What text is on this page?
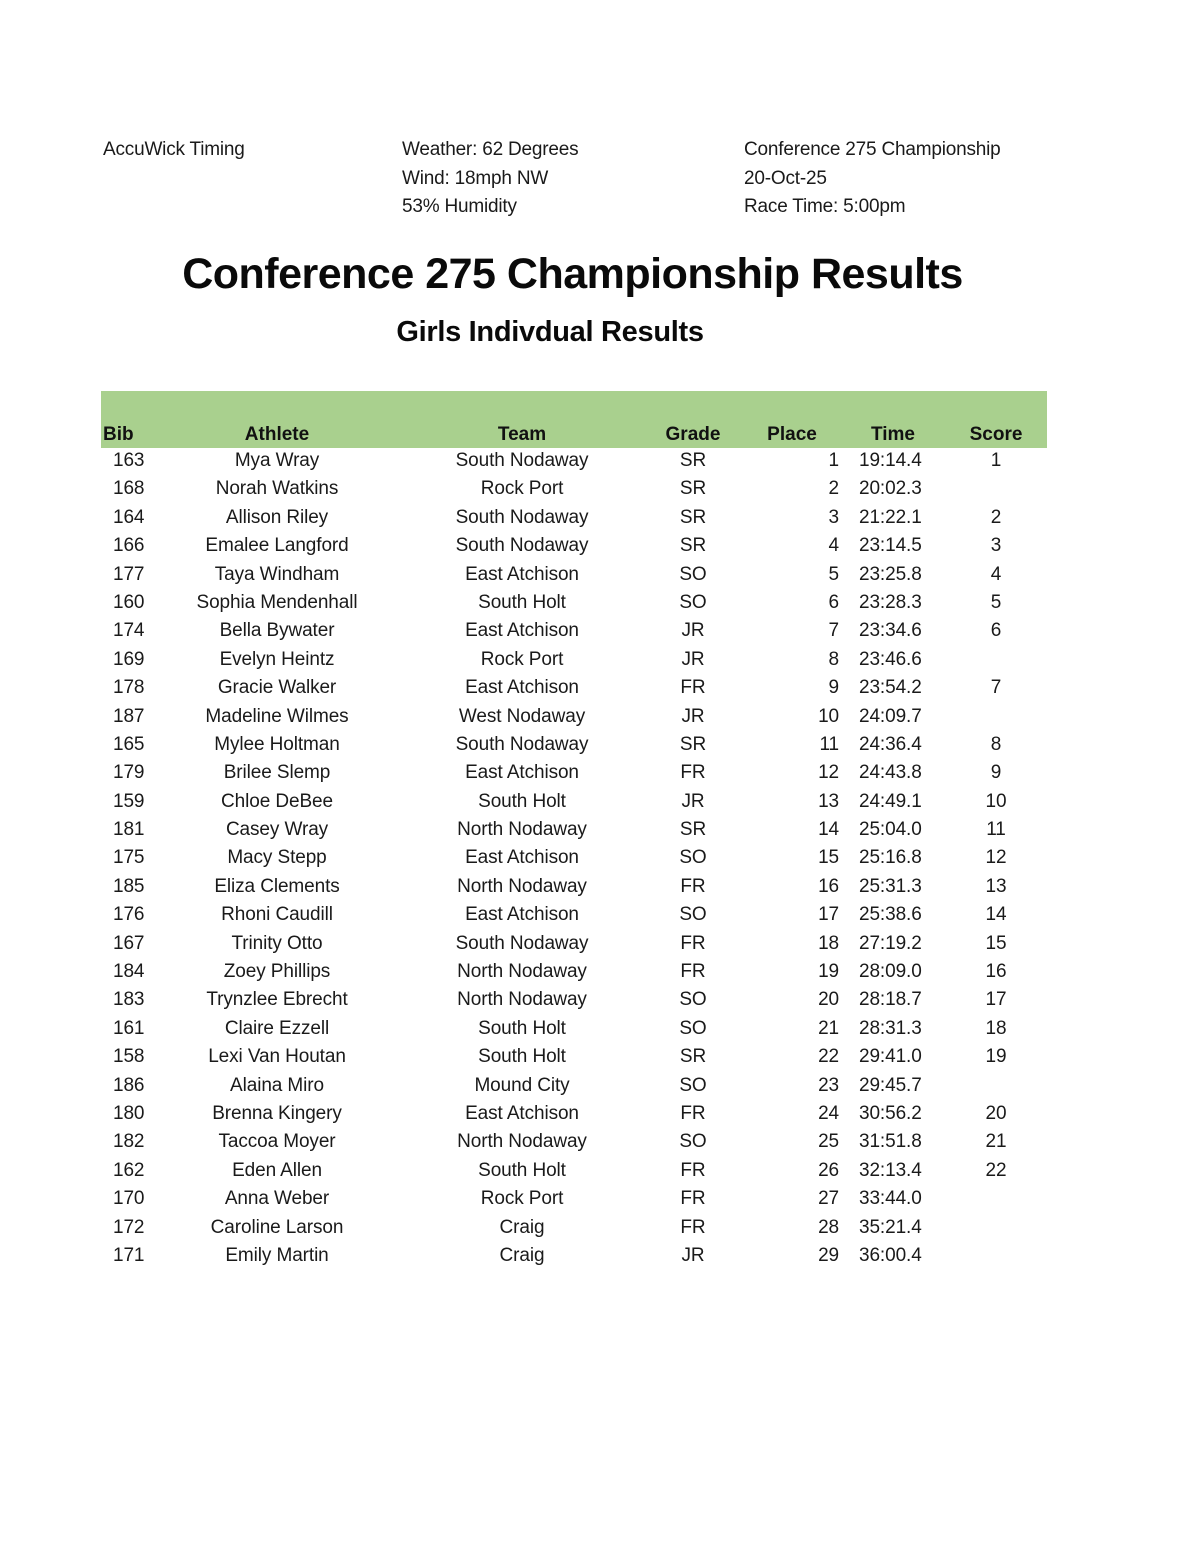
AccuWick Timing	Weather: 62 Degrees
Wind: 18mph NW
53% Humidity
Conference 275 Championship
20-Oct-25
Race Time: 5:00pm
Conference 275 Championship Results
Girls Indivdual Results
Bib	Athlete	Team	Grade	Place	Time	Score
163	Mya Wray	South Nodaway	SR	1 19:14.4	1
168	Norah Watkins	Rock Port	SR	2 20:02.3
164	Allison Riley	South Nodaway	SR	3 21:22.1	2
166	Emalee Langford	South Nodaway	SR	4 23:14.5	3
177	Taya Windham	East Atchison	SO	5 23:25.8	4
160	Sophia Mendenhall	South Holt	SO	6 23:28.3	5
174	Bella Bywater	East Atchison	JR	7 23:34.6	6
169	Evelyn Heintz	Rock Port	JR	8 23:46.6
178	Gracie Walker	East Atchison	FR	9 23:54.2	7
187	Madeline Wilmes	West Nodaway	JR	10 24:09.7
165	Mylee Holtman	South Nodaway	SR	11 24:36.4	8
179	Brilee Slemp	East Atchison	FR	12 24:43.8	9
159	Chloe DeBee	South Holt	JR	13 24:49.1	10
181	Casey Wray	North Nodaway	SR	14 25:04.0	11
175	Macy Stepp	East Atchison	SO	15 25:16.8	12
185	Eliza Clements	North Nodaway	FR	16 25:31.3	13
176	Rhoni Caudill	East Atchison	SO	17 25:38.6	14
167	Trinity Otto	South Nodaway	FR	18 27:19.2	15
184	Zoey Phillips	North Nodaway	FR	19 28:09.0	16
183	Trynzlee Ebrecht	North Nodaway	SO	20 28:18.7	17
161	Claire Ezzell	South Holt	SO	21 28:31.3	18
158	Lexi Van Houtan	South Holt	SR	22 29:41.0	19
186	Alaina Miro	Mound City	SO	23 29:45.7
180	Brenna Kingery	East Atchison	FR	24 30:56.2	20
182	Taccoa Moyer	North Nodaway	SO	25 31:51.8	21
162	Eden Allen	South Holt	FR	26 32:13.4	22
170	Anna Weber	Rock Port	FR	27 33:44.0
172	Caroline Larson	Craig	FR	28 35:21.4
171	Emily Martin	Craig	JR	29 36:00.4
